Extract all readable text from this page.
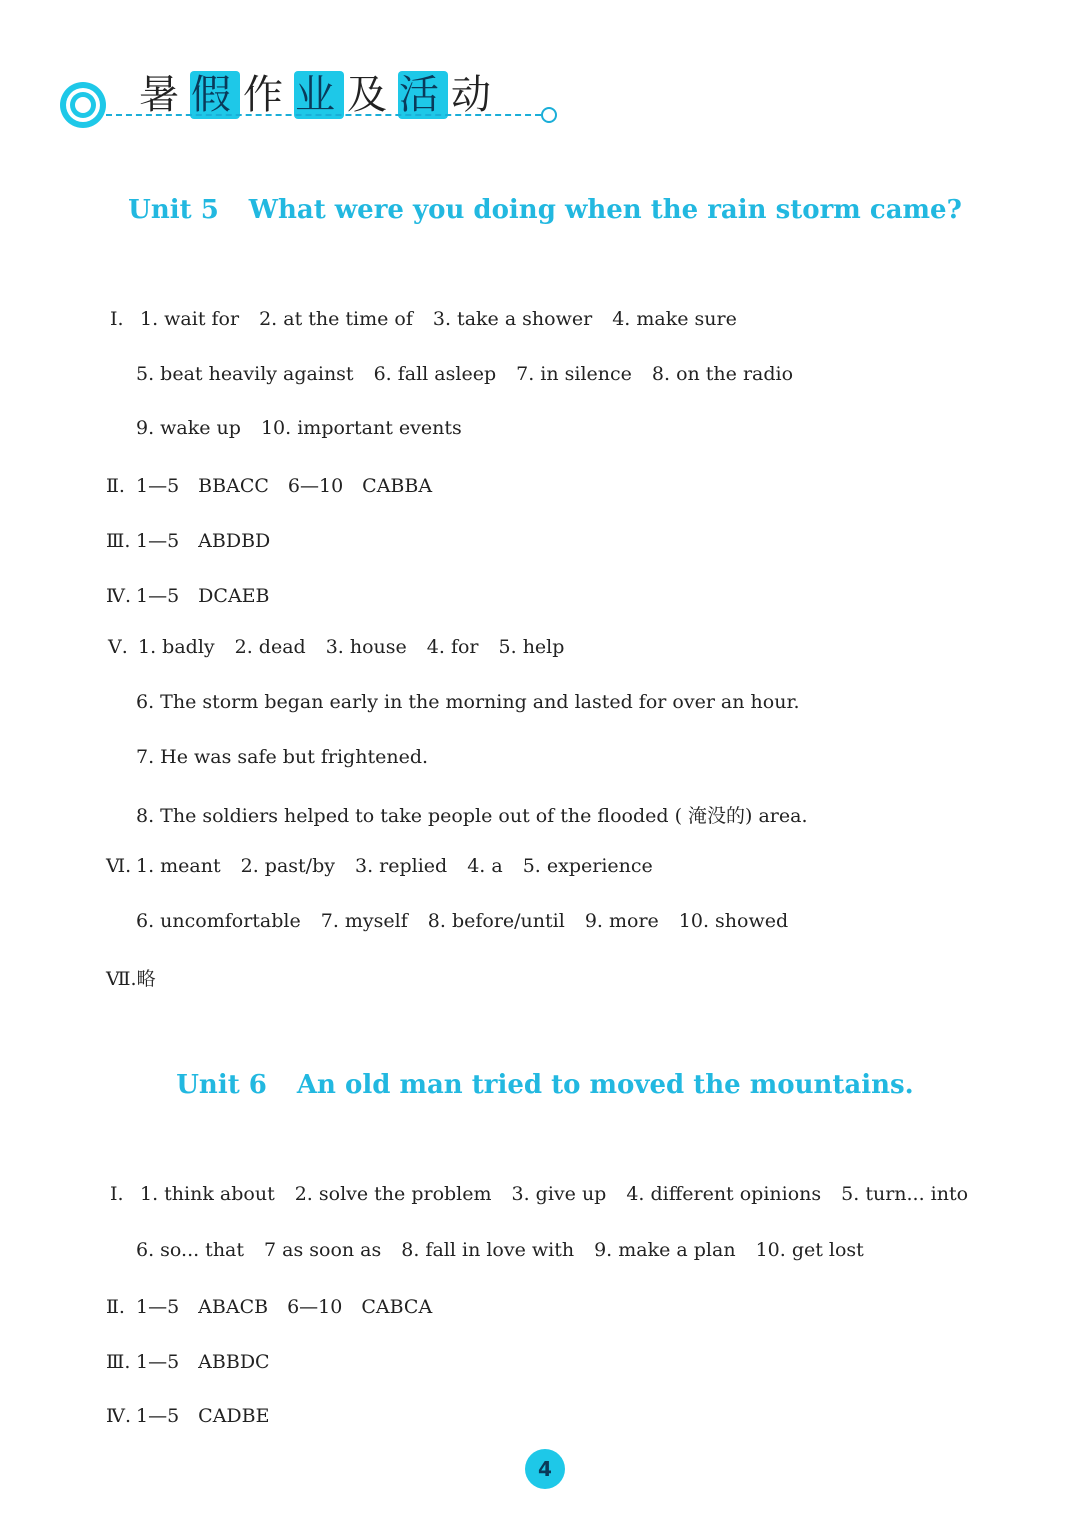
暑 假 作 业 及 活 动
Unit 5 What were you doing when the rain storm came?
Ⅰ. 1. wait for 2. at the time of 3. take a shower 4. make sure
5. beat heavily against 6. fall asleep 7. in silence 8. on the radio
9. wake up 10. important events
Ⅱ. 1—5　BBACC　6—10　CABBA
Ⅲ. 1—5　ABDBD
Ⅳ. 1—5　DCAEB
Ⅴ. 1. badly 2. dead 3. house 4. for 5. help
6. The storm began early in the morning and lasted for over an hour.
7. He was safe but frightened.
8. The soldiers helped to take people out of the flooded ( 淹没的) area.
Ⅵ. 1. meant 2. past/by 3. replied 4. a 5. experience
6. uncomfortable 7. myself 8. before/until 9. more 10. showed
Ⅶ.略
Unit 6 An old man tried to moved the mountains.
Ⅰ. 1. think about 2. solve the problem 3. give up 4. different opinions 5. turn... into
6. so... that 7 as soon as 8. fall in love with 9. make a plan 10. get lost
Ⅱ. 1—5　ABACB　6—10　CABCA
Ⅲ. 1—5　ABBDC
Ⅳ. 1—5　CADBE
4
